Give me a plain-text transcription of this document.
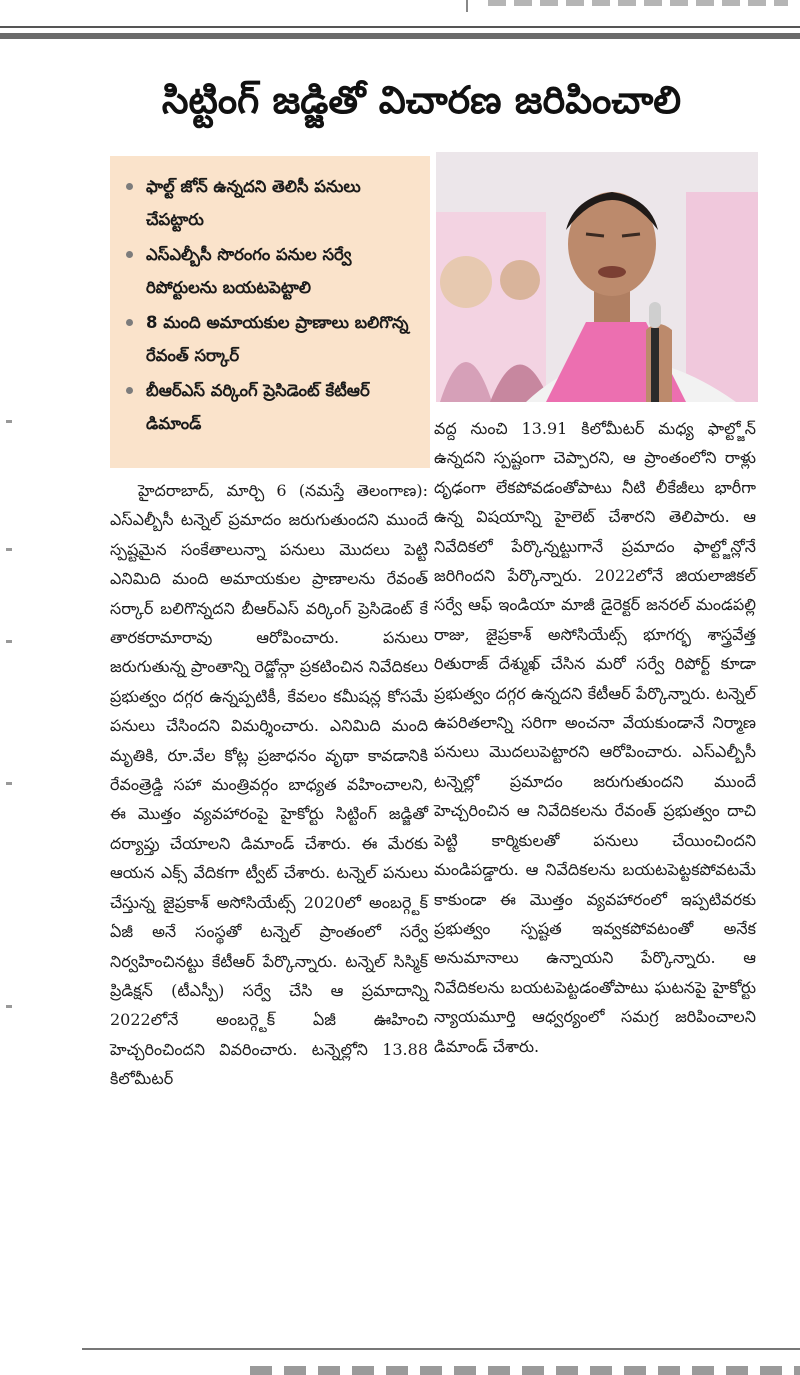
సిట్టింగ్ జడ్జితో విచారణ జరిపించాలి
ఫాల్ట్ జోన్ ఉన్నదని తెలిసీ పనులు చేపట్టారు
ఎస్ఎల్బీసీ సొరంగం పనుల సర్వే రిపోర్టులను బయటపెట్టాలి
8 మంది అమాయకుల ప్రాణాలు బలిగొన్న రేవంత్ సర్కార్
బీఆర్ఎస్ వర్కింగ్ ప్రెసిడెంట్ కేటీఆర్ డిమాండ్

హైదరాబాద్, మార్చి 6 (నమస్తే తెలంగాణ): ఎస్ఎల్బీసీ టన్నెల్ ప్రమాదం జరుగుతుందని ముందే స్పష్టమైన సంకేతాలున్నా పనులు మొదలు పెట్టి ఎనిమిది మంది అమాయకుల ప్రాణాలను రేవంత్ సర్కార్ బలిగొన్నదని బీఆర్ఎస్ వర్కింగ్ ప్రెసిడెంట్ కే తారకరామారావు ఆరోపించారు. పనులు జరుగుతున్న ప్రాంతాన్ని రెడ్జోన్గా ప్రకటించిన నివేదికలు ప్రభుత్వం దగ్గర ఉన్నప్పటికీ, కేవలం కమీషన్ల కోసమే పనులు చేసిందని విమర్శించారు. ఎనిమిది మంది మృతికి, రూ.వేల కోట్ల ప్రజాధనం వృథా కావడానికి రేవంత్రెడ్డి సహా మంత్రివర్గం బాధ్యత వహించాలని, ఈ మొత్తం వ్యవహారంపై హైకోర్టు సిట్టింగ్ జడ్జితో దర్యాప్తు చేయాలని డిమాండ్ చేశారు. ఈ మేరకు ఆయన ఎక్స్ వేదికగా ట్వీట్ చేశారు. టన్నెల్ పనులు చేస్తున్న జైప్రకాశ్ అసోసియేట్స్ 2020లో అంబర్గ్టెక్ ఏజీ అనే సంస్థతో టన్నెల్ ప్రాంతంలో సర్వే నిర్వహించినట్టు కేటీఆర్ పేర్కొన్నారు. టన్నెల్ సిస్మిక్ ప్రిడిక్షన్ (టీఎస్పీ) సర్వే చేసి ఆ ప్రమాదాన్ని 2022లోనే అంబర్గ్టెక్ ఏజీ ఊహించి హెచ్చరించిందని వివరించారు. టన్నెల్లోని 13.88 కిలోమీటర్

వద్ద నుంచి 13.91 కిలోమీటర్ మధ్య ఫాల్ట్జోన్ ఉన్నదని స్పష్టంగా చెప్పారని, ఆ ప్రాంతంలోని రాళ్లు దృఢంగా లేకపోవడంతోపాటు నీటి లీకేజీలు భారీగా ఉన్న విషయాన్ని హైలెట్ చేశారని తెలిపారు. ఆ నివేదికలో పేర్కొన్నట్టుగానే ప్రమాదం ఫాల్ట్జోన్లోనే జరిగిందని పేర్కొన్నారు. 2022లోనే జియలాజికల్ సర్వే ఆఫ్ ఇండియా మాజీ డైరెక్టర్ జనరల్ మండపల్లి రాజు, జైప్రకాశ్ అసోసియేట్స్ భూగర్భ శాస్త్రవేత్త రితురాజ్ దేశ్ముఖ్ చేసిన మరో సర్వే రిపోర్ట్ కూడా ప్రభుత్వం దగ్గర ఉన్నదని కేటీఆర్ పేర్కొన్నారు. టన్నెల్ ఉపరితలాన్ని సరిగా అంచనా వేయకుండానే నిర్మాణ పనులు మొదలుపెట్టారని ఆరోపించారు. ఎస్ఎల్బీసీ టన్నెల్లో ప్రమాదం జరుగుతుందని ముందే హెచ్చరించిన ఆ నివేదికలను రేవంత్ ప్రభుత్వం దాచి పెట్టి కార్మికులతో పనులు చేయించిందని మండిపడ్డారు. ఆ నివేదికలను బయటపెట్టకపోవటమే కాకుండా ఈ మొత్తం వ్యవహారంలో ఇప్పటివరకు ప్రభుత్వం స్పష్టత ఇవ్వకపోవటంతో అనేక అనుమానాలు ఉన్నాయని పేర్కొన్నారు. ఆ నివేదికలను బయటపెట్టడంతోపాటు ఘటనపై హైకోర్టు న్యాయమూర్తి ఆధ్వర్యంలో సమగ్ర జరిపించాలని డిమాండ్ చేశారు.
